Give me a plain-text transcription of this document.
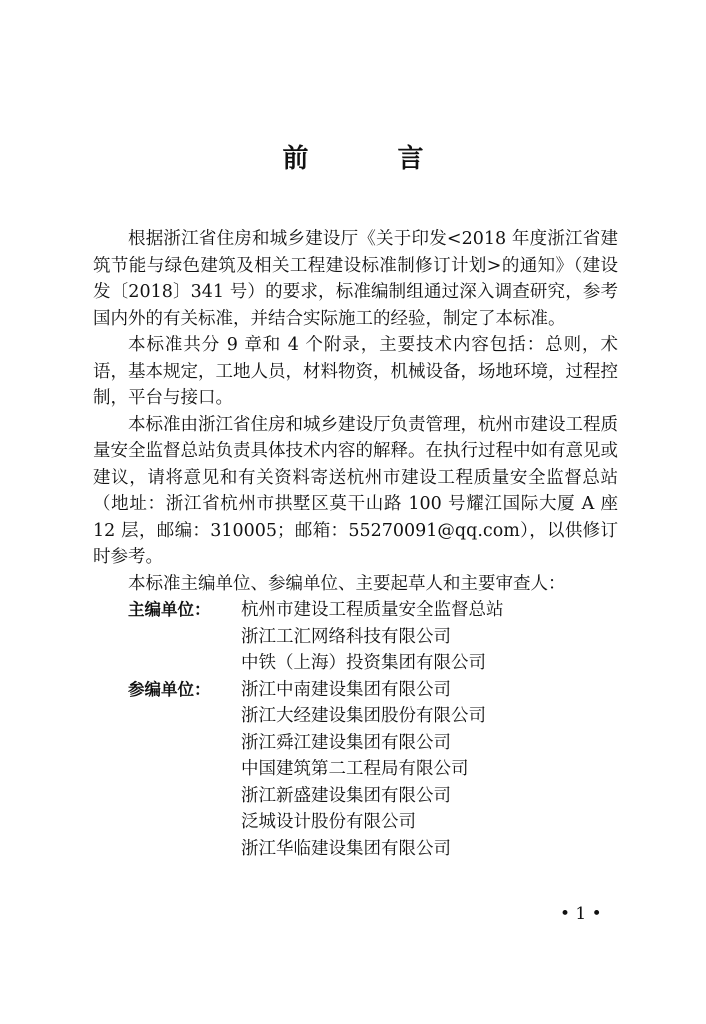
前 言

根据浙江省住房和城乡建设厅《关于印发<2018 年度浙江省建筑节能与绿色建筑及相关工程建设标准制修订计划>的通知》（建设发〔2018〕341 号）的要求，标准编制组通过深入调查研究，参考国内外的有关标准，并结合实际施工的经验，制定了本标准。

本标准共分 9 章和 4 个附录，主要技术内容包括：总则，术语，基本规定，工地人员，材料物资，机械设备，场地环境，过程控制，平台与接口。

本标准由浙江省住房和城乡建设厅负责管理，杭州市建设工程质量安全监督总站负责具体技术内容的解释。在执行过程中如有意见或建议，请将意见和有关资料寄送杭州市建设工程质量安全监督总站（地址：浙江省杭州市拱墅区莫干山路 100 号耀江国际大厦 A 座 12 层，邮编：310005；邮箱：55270091@qq.com），以供修订时参考。

本标准主编单位、参编单位、主要起草人和主要审查人：

主编单位：	杭州市建设工程质量安全监督总站
浙江工汇网络科技有限公司
中铁（上海）投资集团有限公司
参编单位：	浙江中南建设集团有限公司
浙江大经建设集团股份有限公司
浙江舜江建设集团有限公司
中国建筑第二工程局有限公司
浙江新盛建设集团有限公司
泛城设计股份有限公司
浙江华临建设集团有限公司
• 1 •
